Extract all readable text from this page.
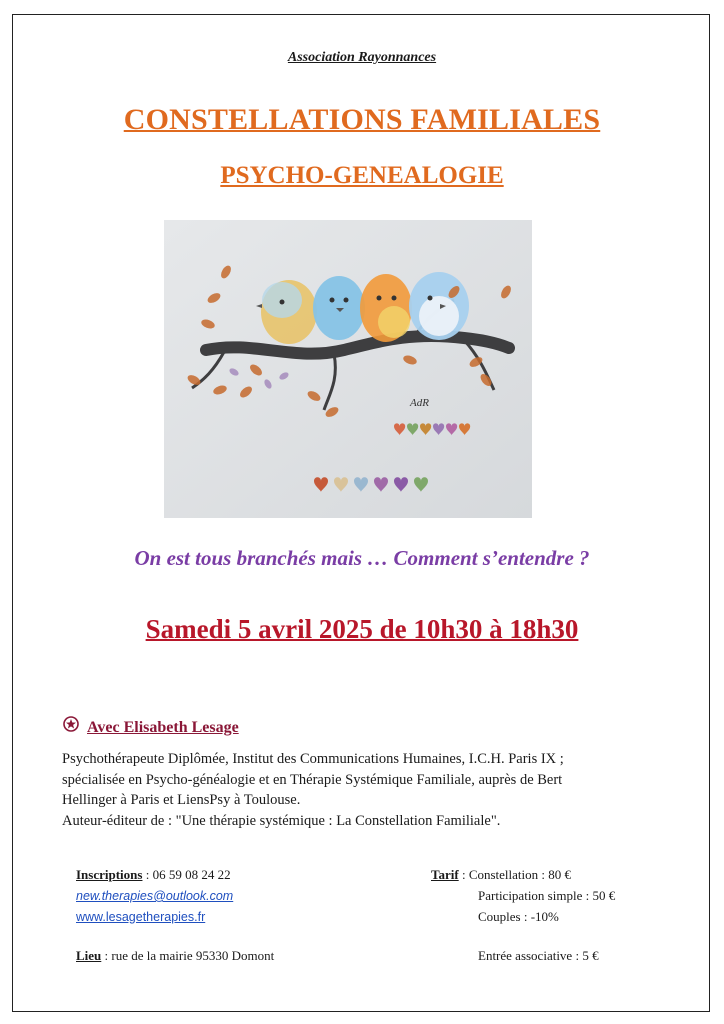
Association Rayonnances
CONSTELLATIONS FAMILIALES
PSYCHO-GENEALOGIE
AdR
On est tous branchés mais … Comment s’entendre ?
Samedi 5 avril 2025 de 10h30 à 18h30
Avec Elisabeth Lesage

Psychothérapeute Diplômée, Institut des Communications Humaines, I.C.H. Paris IX ;

spécialisée en Psycho-généalogie et en Thérapie Systémique Familiale, auprès de Bert

Hellinger à Paris et LiensPsy à Toulouse.

Auteur-éditeur de : "Une thérapie systémique : La Constellation Familiale".

Inscriptions : 06 59 08 24 22
new.therapies@outlook.com
www.lesagetherapies.fr
Lieu : rue de la mairie 95330 Domont
Tarif : Constellation : 80 €
Participation simple : 50 €
Couples : -10%
Entrée associative : 5 €
